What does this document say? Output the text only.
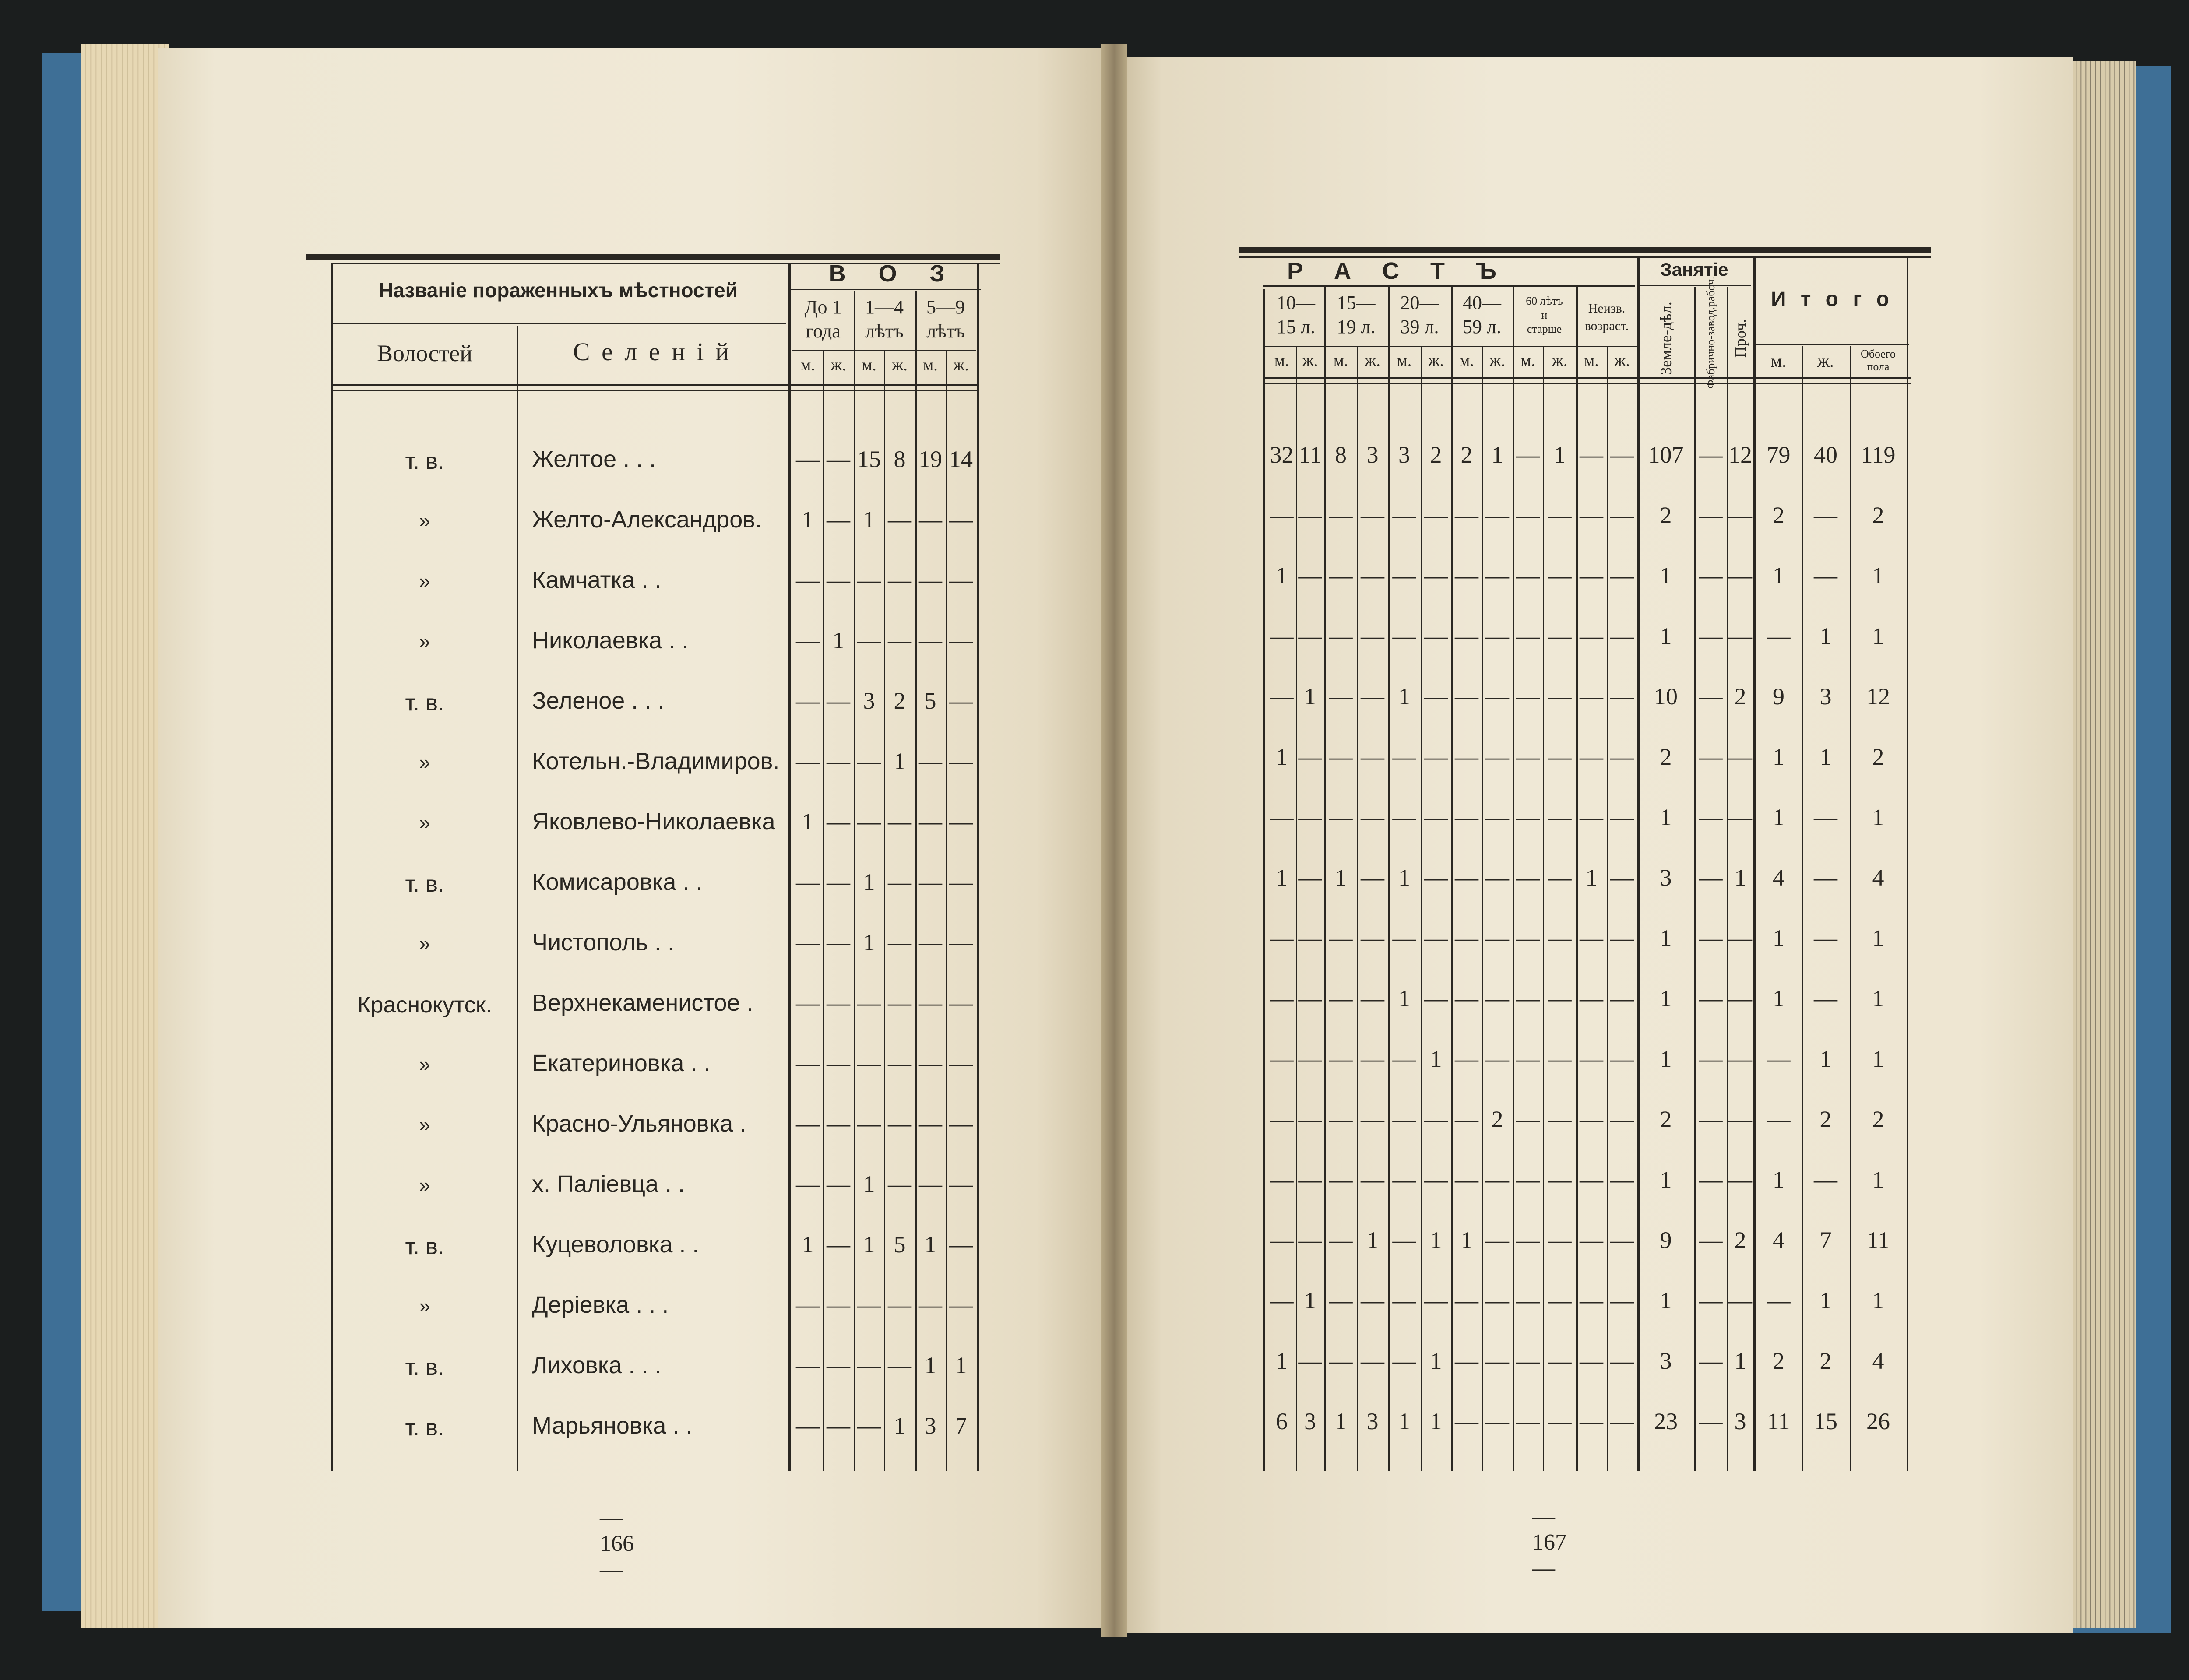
Названіе пораженныхъ мѣстностей
Волостей	С е л е н і й
В О З
До 1
года
1—4
лѣтъ
5—9
лѣтъ
м. ж. м. ж. м. ж.
т. в.	Желтое . . .	— — 15 8 19 14
»	Желто-Александров.	1 — 1 — — —
»	Камчатка . .	— — — — — —
»	Николаевка . .	— 1 — — — —
т. в.	Зеленое . . .	— — 3 2 5 —
»	Котельн.-Владимиров. — — — 1 — —
»	Яковлево-Николаевка	1 — — — — —
т. в.	Комисаровка . .	— — 1 — — —
»	Чистополь . .	— — 1 — — —
Краснокутск.	Верхнекаменистое . — — — — — —
»	Екатериновка . .	— — — — — —
»	Красно-Ульяновка . — — — — — —
»	х. Паліевца . .	— — 1 — — —
т. в.	Куцеволовка . .	1 — 1 5 1 —
»	Деріевка . . .	— — — — — —
т. в.	Лиховка . . .	— — — — 1 1
т. в.	Марьяновка . .	— — — 1 3 7
— 166 —
Р А С Т Ъ	Занятіе
И т о г о
10—
15 л.
15—
19 л.
20—
39 л.
40—
59 л.
60 лѣтъ
и
старше
Неизв.
возраст.
м. ж. м. ж. м. ж. м. ж. м. ж. м. ж.	м.	ж.	Обоего пола
Земле-дѣл.	Фабрично-завод.рабоч. Проч.
32 11 8 3 3 2 2 1 — 1 — — 107 — 12 79 40 119
— — — — — — — — — — — —	2	— — 2	—	2
1 — — — — — — — — — — —	1	— — 1	—	1
— — — — — — — — — — — —	1	— — —	1	1
— 1 — — 1 — — — — — — — 10 — 2	9	3	12
1 — — — — — — — — — — —	2	— — 1	1	2
— — — — — — — — — — — —	1	— — 1	—	1
1 — 1 — 1 — — — — — 1 —	3	— 1	4	—	4
— — — — — — — — — — — —	1	— — 1	—	1
— — — — 1 — — — — — — —	1	— — 1	—	1
— — — — — 1 — — — — — —	1	— — —	1	1
— — — — — — — 2 — — — —	2	— — —	2	2
— — — — — — — — — — — —	1	— — 1	—	1
— — — 1 — 1 1 — — — — —	9	— 2	4	7	11
— 1 — — — — — — — — — —	1	— — —	1	1
1 — — — — 1 — — — — — —	3	— 1	2	2	4
6 3 1 3 1 1 — — — — — — 23 — 3 11	15	26
— 167 —
